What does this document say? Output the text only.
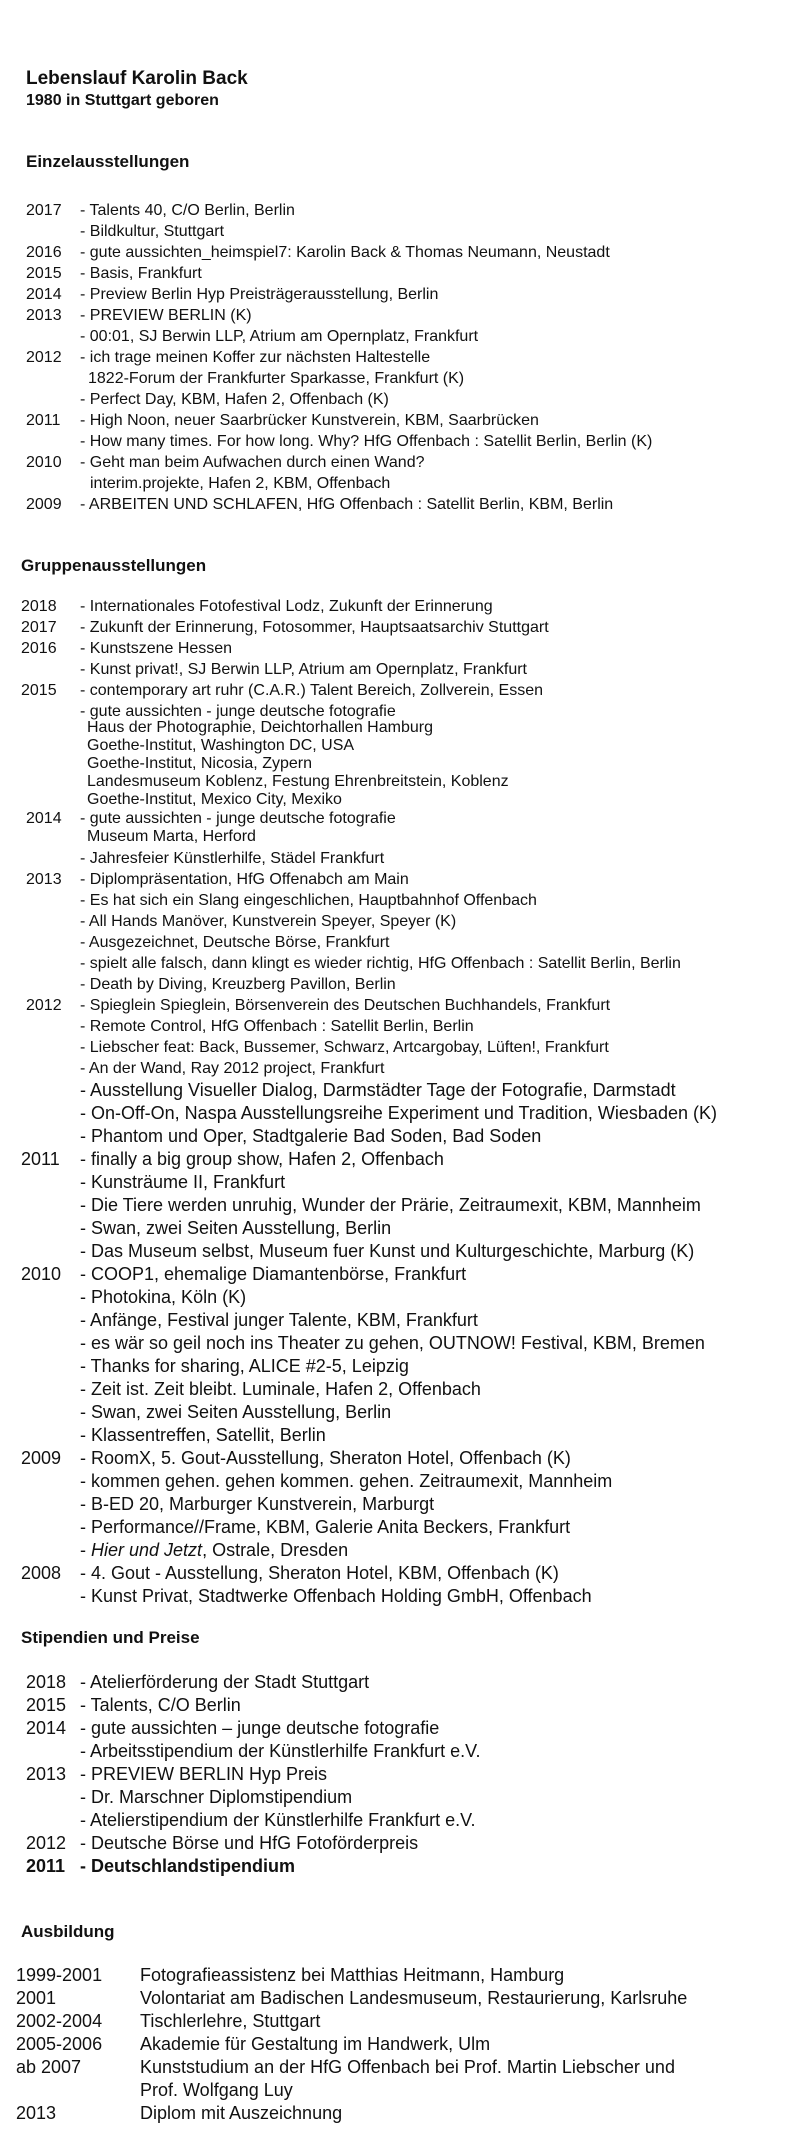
Lebenslauf Karolin Back
1980 in Stuttgart geboren
Einzelausstellungen
2017 - Talents 40, C/O Berlin, Berlin
- Bildkultur, Stuttgart
2016 - gute aussichten_heimspiel7: Karolin Back & Thomas Neumann, Neustadt
2015 - Basis, Frankfurt
2014 - Preview Berlin Hyp Preisträgerausstellung, Berlin
2013 - PREVIEW BERLIN (K)
- 00:01, SJ Berwin LLP, Atrium am Opernplatz, Frankfurt
2012 - ich trage meinen Koffer zur nächsten Haltestelle
1822-Forum der Frankfurter Sparkasse, Frankfurt (K)
- Perfect Day, KBM, Hafen 2, Offenbach (K)
2011 - High Noon, neuer Saarbrücker Kunstverein, KBM, Saarbrücken
- How many times. For how long. Why? HfG Offenbach : Satellit Berlin, Berlin (K)
2010 - Geht man beim Aufwachen durch einen Wand?
interim.projekte, Hafen 2, KBM, Offenbach
2009 - ARBEITEN UND SCHLAFEN, HfG Offenbach : Satellit Berlin, KBM, Berlin
Gruppenausstellungen
2018 - Internationales Fotofestival Lodz, Zukunft der Erinnerung
2017 - Zukunft der Erinnerung, Fotosommer, Hauptsaatsarchiv Stuttgart
2016 - Kunstszene Hessen
- Kunst privat!, SJ Berwin LLP, Atrium am Opernplatz, Frankfurt
2015 - contemporary art ruhr (C.A.R.) Talent Bereich, Zollverein, Essen
- gute aussichten - junge deutsche fotografie
Haus der Photographie, Deichtorhallen Hamburg
Goethe-Institut, Washington DC, USA
Goethe-Institut, Nicosia, Zypern
Landesmuseum Koblenz, Festung Ehrenbreitstein, Koblenz
Goethe-Institut, Mexico City, Mexiko
2014 - gute aussichten - junge deutsche fotografie
Museum Marta, Herford
- Jahresfeier Künstlerhilfe, Städel Frankfurt
2013 - Diplompräsentation, HfG Offenabch am Main
- Es hat sich ein Slang eingeschlichen, Hauptbahnhof Offenbach
- All Hands Manöver, Kunstverein Speyer, Speyer (K)
- Ausgezeichnet, Deutsche Börse, Frankfurt
- spielt alle falsch, dann klingt es wieder richtig, HfG Offenbach : Satellit Berlin, Berlin
- Death by Diving, Kreuzberg Pavillon, Berlin
2012 - Spieglein Spieglein, Börsenverein des Deutschen Buchhandels, Frankfurt
- Remote Control, HfG Offenbach : Satellit Berlin, Berlin
- Liebscher feat: Back, Bussemer, Schwarz, Artcargobay, Lüften!, Frankfurt
- An der Wand, Ray 2012 project, Frankfurt
- Ausstellung Visueller Dialog, Darmstädter Tage der Fotografie, Darmstadt
- On-Off-On, Naspa Ausstellungsreihe Experiment und Tradition, Wiesbaden (K)
- Phantom und Oper, Stadtgalerie Bad Soden, Bad Soden
2011 - finally a big group show, Hafen 2, Offenbach
- Kunsträume II, Frankfurt
- Die Tiere werden unruhig, Wunder der Prärie, Zeitraumexit, KBM, Mannheim
- Swan, zwei Seiten Ausstellung, Berlin
- Das Museum selbst, Museum fuer Kunst und Kulturgeschichte, Marburg (K)
2010 - COOP1, ehemalige Diamantenbörse, Frankfurt
- Photokina, Köln (K)
- Anfänge, Festival junger Talente, KBM, Frankfurt
- es wär so geil noch ins Theater zu gehen, OUTNOW! Festival, KBM, Bremen
- Thanks for sharing, ALICE #2-5, Leipzig
- Zeit ist. Zeit bleibt. Luminale, Hafen 2, Offenbach
- Swan, zwei Seiten Ausstellung, Berlin
- Klassentreffen, Satellit, Berlin
2009 - RoomX, 5. Gout-Ausstellung, Sheraton Hotel, Offenbach (K)
- kommen gehen. gehen kommen. gehen. Zeitraumexit, Mannheim
- B-ED 20, Marburger Kunstverein, Marburgt
- Performance//Frame, KBM, Galerie Anita Beckers, Frankfurt
- Hier und Jetzt, Ostrale, Dresden
2008 - 4. Gout - Ausstellung, Sheraton Hotel, KBM, Offenbach (K)
- Kunst Privat, Stadtwerke Offenbach Holding GmbH, Offenbach
Stipendien und Preise
2018 - Atelierförderung der Stadt Stuttgart
2015 - Talents, C/O Berlin
2014 - gute aussichten – junge deutsche fotografie
- Arbeitsstipendium der Künstlerhilfe Frankfurt e.V.
2013 - PREVIEW BERLIN Hyp Preis
- Dr. Marschner Diplomstipendium
- Atelierstipendium der Künstlerhilfe Frankfurt e.V.
2012 - Deutsche Börse und HfG Fotoförderpreis
2011 - Deutschlandstipendium
Ausbildung
1999-2001 Fotografieassistenz bei Matthias Heitmann, Hamburg
2001	Volontariat am Badischen Landesmuseum, Restaurierung, Karlsruhe
2002-2004 Tischlerlehre, Stuttgart
2005-2006 Akademie für Gestaltung im Handwerk, Ulm
ab 2007	Kunststudium an der HfG Offenbach bei Prof. Martin Liebscher und
Prof. Wolfgang Luy
2013	Diplom mit Auszeichnung
